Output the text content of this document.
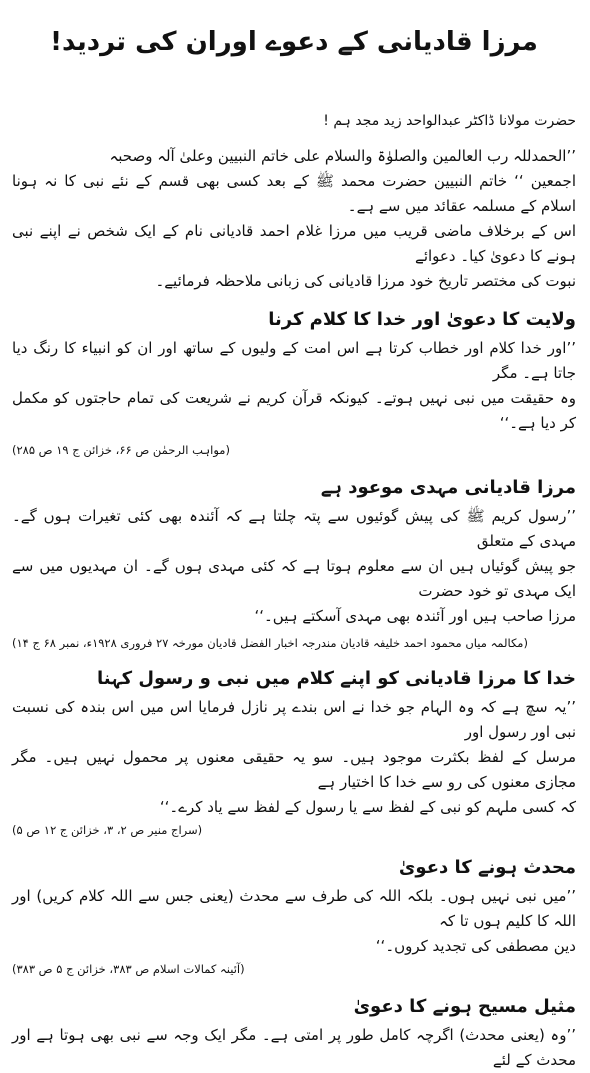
مرزا قادیانی کے دعوے اوران کی تردید!

حضرت مولانا ڈاکٹر عبدالواحد زید مجد ہم !

’’الحمدللہ رب العالمین والصلوٰۃ والسلام علی خاتم النبیین وعلیٰ آلہ وصحبہ

اجمعین ‘‘ خاتم النبیین حضرت محمد ﷺ کے بعد کسی بھی قسم کے نئے نبی کا نہ ہونا اسلام کے مسلمہ عقائد میں سے ہے۔

اس کے برخلاف ماضی قریب میں مرزا غلام احمد قادیانی نام کے ایک شخص نے اپنے نبی ہونے کا دعویٰ کیا۔ دعوائے

نبوت کی مختصر تاریخ خود مرزا قادیانی کی زبانی ملاحظہ فرمائیے۔

ولایت کا دعویٰ اور خدا کا کلام کرنا

’’اور خدا کلام اور خطاب کرتا ہے اس امت کے ولیوں کے ساتھ اور ان کو انبیاء کا رنگ دیا جاتا ہے۔ مگر

وہ حقیقت میں نبی نہیں ہوتے۔ کیونکہ قرآن کریم نے شریعت کی تمام حاجتوں کو مکمل کر دیا ہے۔‘‘

(مواہب الرحمٰن ص ۶۶، خزائن ج ۱۹ ص ۲۸۵)

مرزا قادیانی مہدی موعود ہے

’’رسول کریم ﷺ کی پیش گوئیوں سے پتہ چلتا ہے کہ آئندہ بھی کئی تغیرات ہوں گے۔ مہدی کے متعلق

جو پیش گوئیاں ہیں ان سے معلوم ہوتا ہے کہ کئی مہدی ہوں گے۔ ان مہدیوں میں سے ایک مہدی تو خود حضرت

مرزا صاحب ہیں اور آئندہ بھی مہدی آسکتے ہیں۔‘‘

(مکالمہ میاں محمود احمد خلیفہ قادیان مندرجہ اخبار الفضل قادیان مورخہ ۲۷ فروری ۱۹۲۸ء، نمبر ۶۸ ج ۱۴)

خدا کا مرزا قادیانی کو اپنے کلام میں نبی و رسول کہنا

’’یہ سچ ہے کہ وہ الہام جو خدا نے اس بندے پر نازل فرمایا اس میں اس بندہ کی نسبت نبی اور رسول اور

مرسل کے لفظ بکثرت موجود ہیں۔ سو یہ حقیقی معنوں پر محمول نہیں ہیں۔ مگر مجازی معنوں کی رو سے خدا کا اختیار ہے

کہ کسی ملہم کو نبی کے لفظ سے یا رسول کے لفظ سے یاد کرے۔‘‘

(سراج منیر ص ۲، ۳، خزائن ج ۱۲ ص ۵)

محدث ہونے کا دعویٰ

’’میں نبی نہیں ہوں۔ بلکہ اللہ کی طرف سے محدث (یعنی جس سے اللہ کلام کریں) اور اللہ کا کلیم ہوں تا کہ

دین مصطفی کی تجدید کروں۔‘‘

(آئینہ کمالات اسلام ص ۳۸۳، خزائن ج ۵ ص ۳۸۳)

مثیل مسیح ہونے کا دعویٰ

’’وہ (یعنی محدث) اگرچہ کامل طور پر امتی ہے۔ مگر ایک وجہ سے نبی بھی ہوتا ہے اور محدث کے لئے
